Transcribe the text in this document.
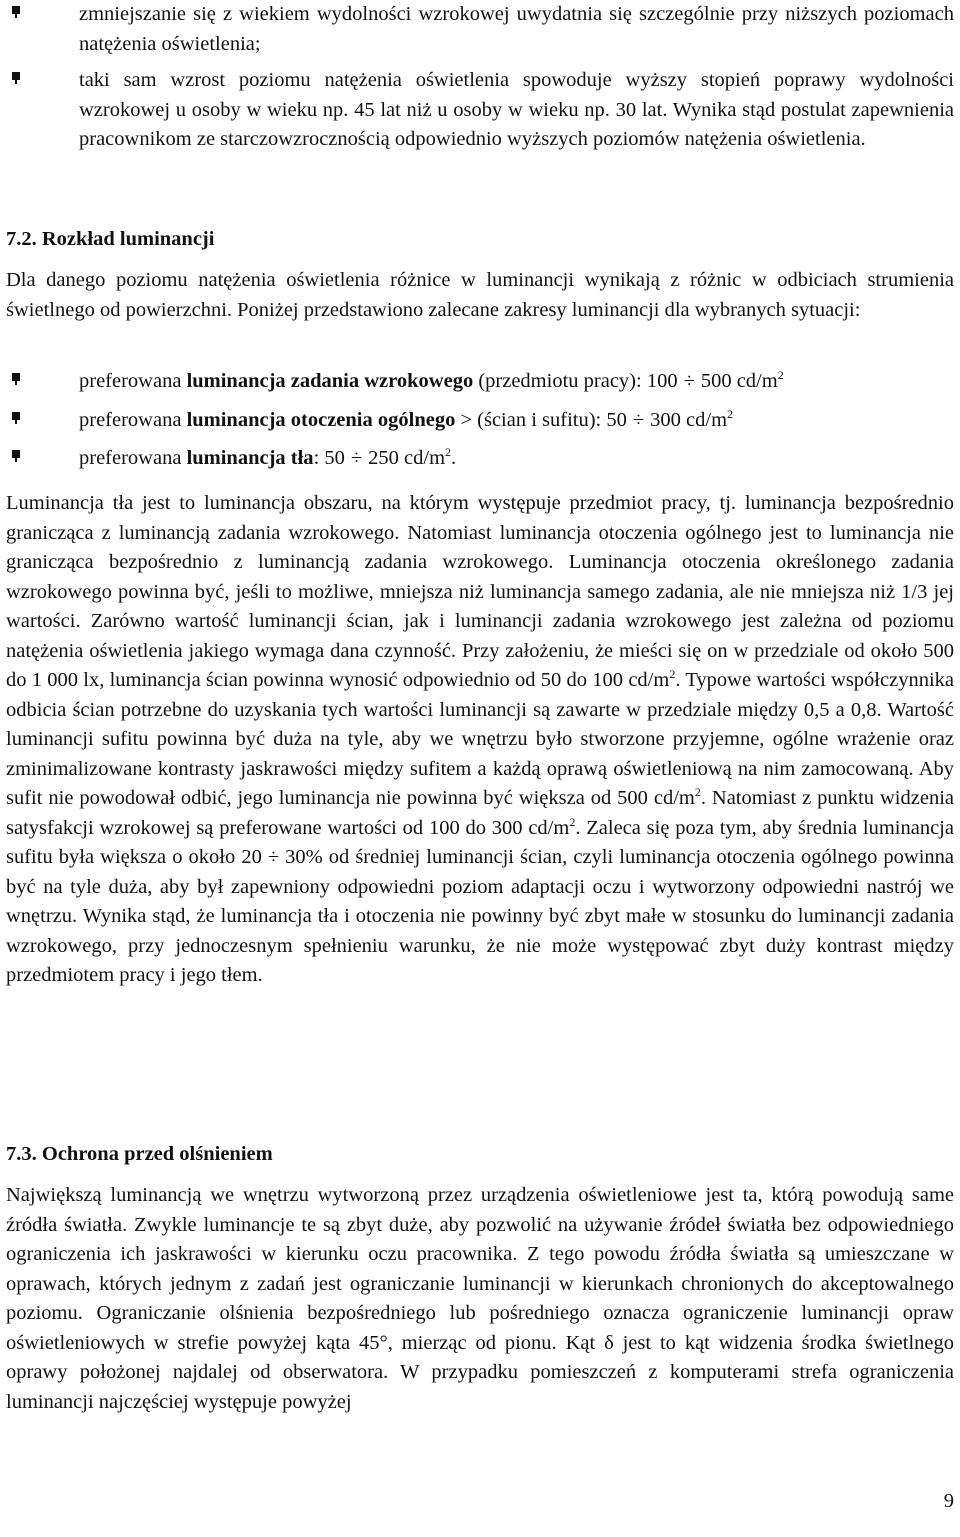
zmniejszanie się z wiekiem wydolności wzrokowej uwydatnia się szczególnie przy niższych poziomach natężenia oświetlenia;
taki sam wzrost poziomu natężenia oświetlenia spowoduje wyższy stopień poprawy wydolności wzrokowej u osoby w wieku np. 45 lat niż u osoby w wieku np. 30 lat. Wynika stąd postulat zapewnienia pracownikom ze starczowzrocznością odpowiednio wyższych poziomów natężenia oświetlenia.
7.2. Rozkład luminancji

Dla danego poziomu natężenia oświetlenia różnice w luminancji wynikają z różnic w odbiciach strumienia świetlnego od powierzchni. Poniżej przedstawiono zalecane zakresy luminancji dla wybranych sytuacji:

preferowana luminancja zadania wzrokowego (przedmiotu pracy): 100 ÷ 500 $cd/m^2$
preferowana luminancja otoczenia ogólnego > (ścian i sufitu): 50 ÷ 300 $cd/m^2$
preferowana luminancja tła: 50 ÷ 250 $cd/m^2$.

Luminancja tła jest to luminancja obszaru, na którym występuje przedmiot pracy, tj. luminancja bezpośrednio granicząca z luminancją zadania wzrokowego. Natomiast luminancja otoczenia ogólnego jest to luminancja nie granicząca bezpośrednio z luminancją zadania wzrokowego. Luminancja otoczenia określonego zadania wzrokowego powinna być, jeśli to możliwe, mniejsza niż luminancja samego zadania, ale nie mniejsza niż 1/3 jej wartości. Zarówno wartość luminancji ścian, jak i luminancji zadania wzrokowego jest zależna od poziomu natężenia oświetlenia jakiego wymaga dana czynność. Przy założeniu, że mieści się on w przedziale od około 500 do 1 000 lx, luminancja ścian powinna wynosić odpowiednio od 50 do 100 $cd/m^2$. Typowe wartości współczynnika odbicia ścian potrzebne do uzyskania tych wartości luminancji są zawarte w przedziale między 0,5 a 0,8. Wartość luminancji sufitu powinna być duża na tyle, aby we wnętrzu było stworzone przyjemne, ogólne wrażenie oraz zminimalizowane kontrasty jaskrawości między sufitem a każdą oprawą oświetleniową na nim zamocowaną. Aby sufit nie powodował odbić, jego luminancja nie powinna być większa od 500 $cd/m^2$. Natomiast z punktu widzenia satysfakcji wzrokowej są preferowane wartości od 100 do 300 $cd/m^2$. Zaleca się poza tym, aby średnia luminancja sufitu była większa o około 20 ÷ 30% od średniej luminancji ścian, czyli luminancja otoczenia ogólnego powinna być na tyle duża, aby był zapewniony odpowiedni poziom adaptacji oczu i wytworzony odpowiedni nastrój we wnętrzu. Wynika stąd, że luminancja tła i otoczenia nie powinny być zbyt małe w stosunku do luminancji zadania wzrokowego, przy jednoczesnym spełnieniu warunku, że nie może występować zbyt duży kontrast między przedmiotem pracy i jego tłem.

7.3. Ochrona przed olśnieniem

Największą luminancją we wnętrzu wytworzoną przez urządzenia oświetleniowe jest ta, którą powodują same źródła światła. Zwykle luminancje te są zbyt duże, aby pozwolić na używanie źródeł światła bez odpowiedniego ograniczenia ich jaskrawości w kierunku oczu pracownika. Z tego powodu źródła światła są umieszczane w oprawach, których jednym z zadań jest ograniczanie luminancji w kierunkach chronionych do akceptowalnego poziomu. Ograniczanie olśnienia bezpośredniego lub pośredniego oznacza ograniczenie luminancji opraw oświetleniowych w strefie powyżej kąta 45°, mierząc od pionu. Kąt δ jest to kąt widzenia środka świetlnego oprawy położonej najdalej od obserwatora. W przypadku pomieszczeń z komputerami strefa ograniczenia luminancji najczęściej występuje powyżej

9
